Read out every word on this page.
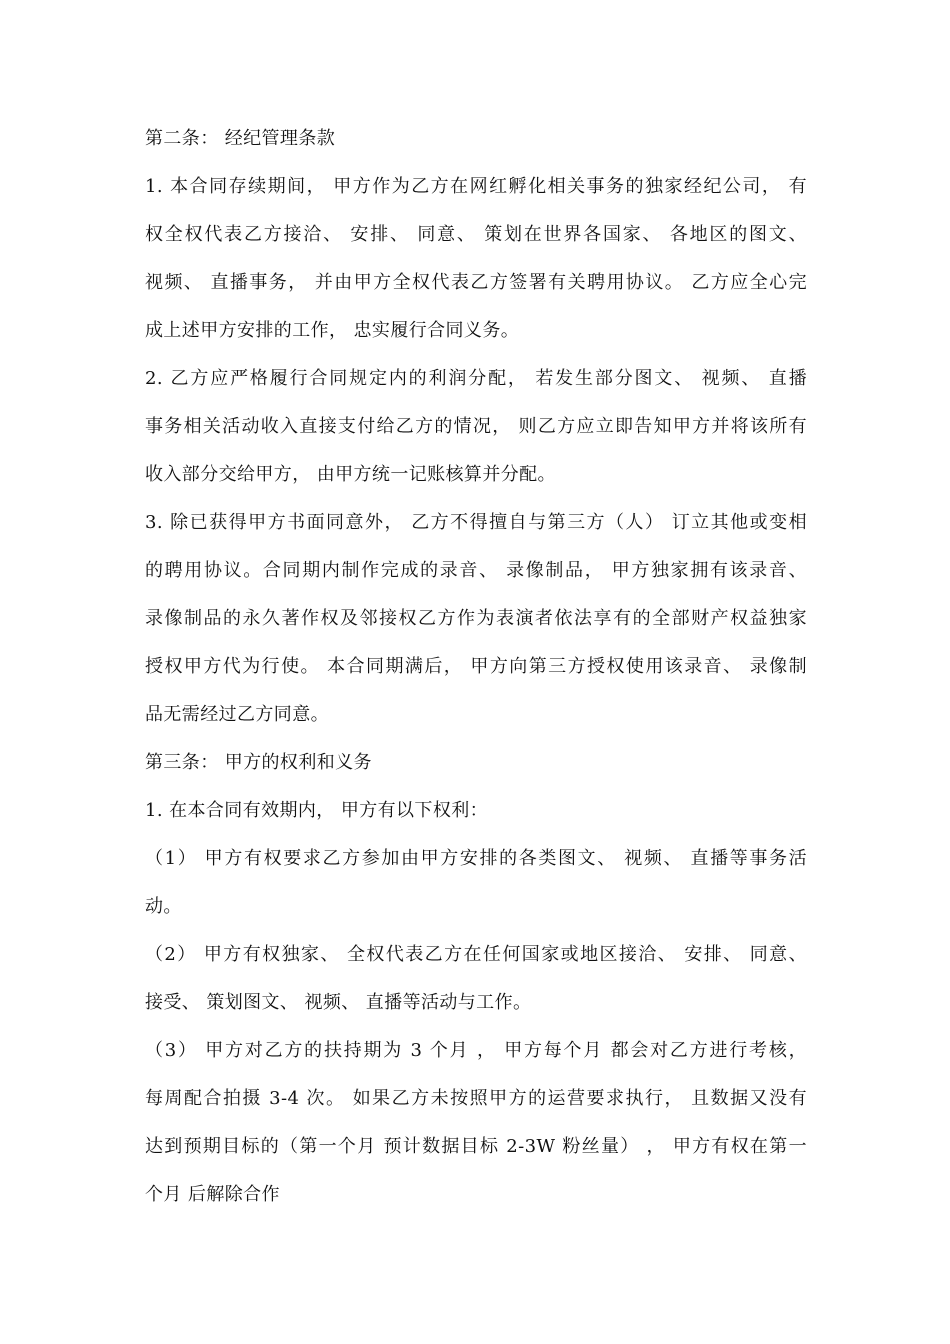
第二条： 经纪管理条款
1. 本合同存续期间， 甲方作为乙方在网红孵化相关事务的独家经纪公司， 有
权全权代表乙方接洽、 安排、 同意、 策划在世界各国家、 各地区的图文、
视频、 直播事务， 并由甲方全权代表乙方签署有关聘用协议。 乙方应全心完
成上述甲方安排的工作， 忠实履行合同义务。
2. 乙方应严格履行合同规定内的利润分配， 若发生部分图文、 视频、 直播
事务相关活动收入直接支付给乙方的情况， 则乙方应立即告知甲方并将该所有
收入部分交给甲方， 由甲方统一记账核算并分配。
3. 除已获得甲方书面同意外， 乙方不得擅自与第三方（人） 订立其他或变相
的聘用协议。合同期内制作完成的录音、 录像制品， 甲方独家拥有该录音、
录像制品的永久著作权及邻接权乙方作为表演者依法享有的全部财产权益独家
授权甲方代为行使。 本合同期满后， 甲方向第三方授权使用该录音、 录像制
品无需经过乙方同意。
第三条： 甲方的权利和义务
1. 在本合同有效期内， 甲方有以下权利：
（1） 甲方有权要求乙方参加由甲方安排的各类图文、 视频、 直播等事务活
动。
（2） 甲方有权独家、 全权代表乙方在任何国家或地区接洽、 安排、 同意、
接受、 策划图文、 视频、 直播等活动与工作。
（3） 甲方对乙方的扶持期为 3 个月 ， 甲方每个月 都会对乙方进行考核，
每周配合拍摄 3-4 次。 如果乙方未按照甲方的运营要求执行， 且数据又没有
达到预期目标的（第一个月 预计数据目标 2-3W 粉丝量） ， 甲方有权在第一
个月 后解除合作
